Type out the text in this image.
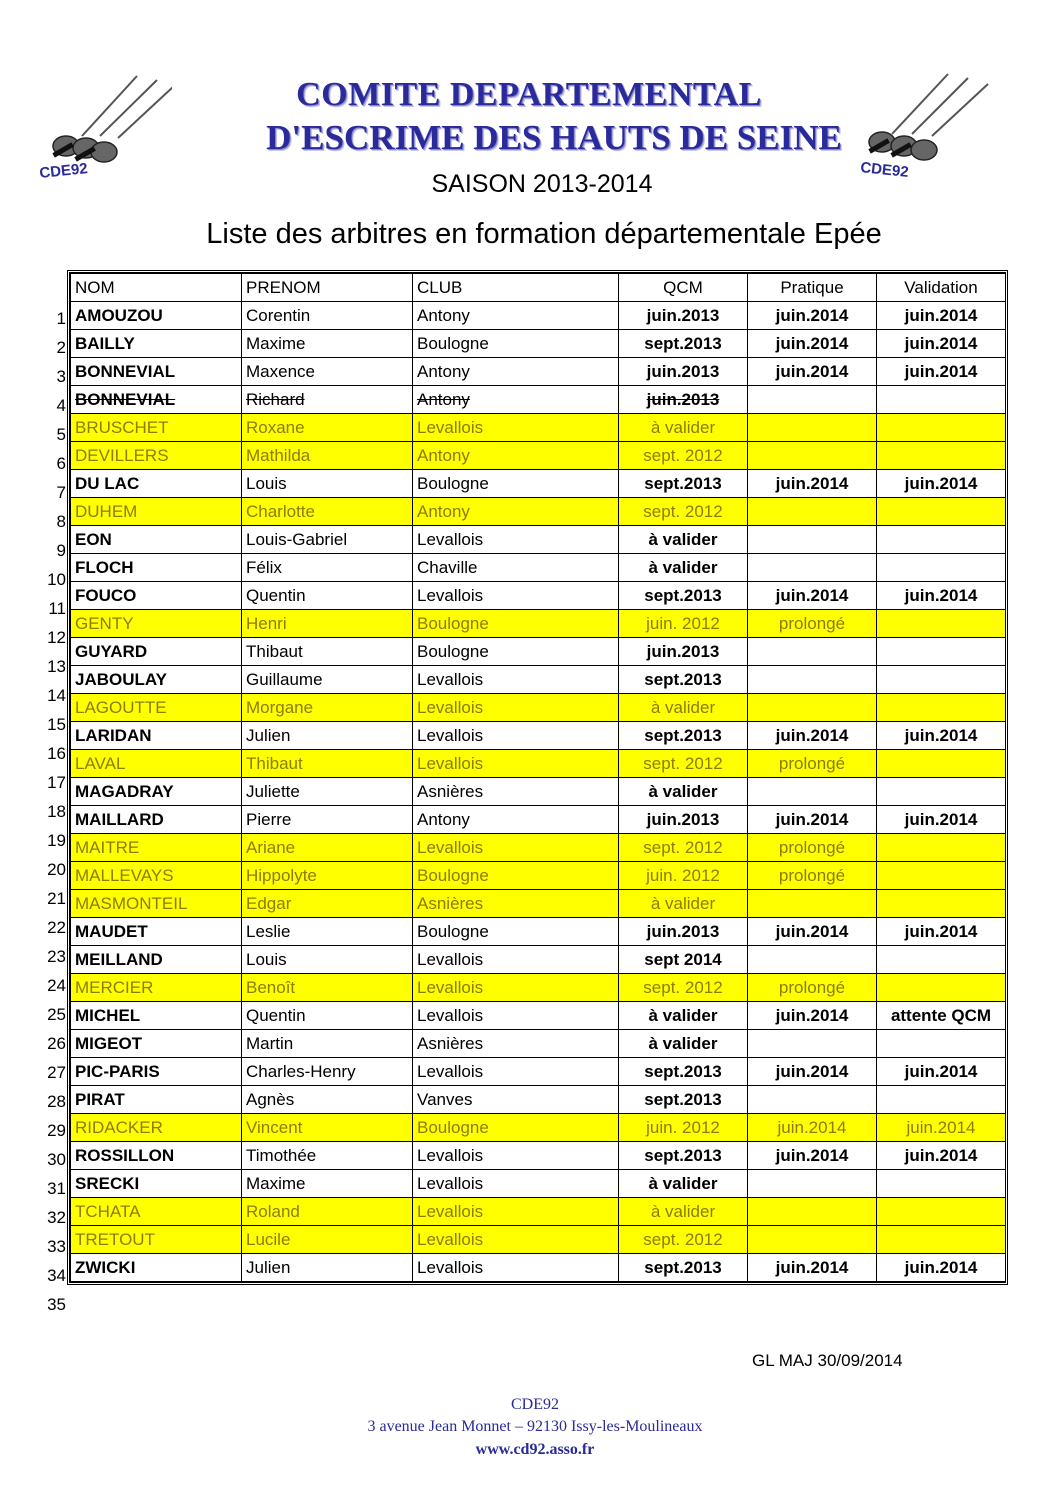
CDE92	CDE92
COMITE DEPARTEMENTAL
D'ESCRIME DES HAUTS DE SEINE
SAISON 2013-2014
Liste des arbitres en formation départementale Epée
1
2
3
4
5
6
7
8
9
10
11
12
13
14
15
16
17
18
19
20
21
22
23
24
25
26
27
28
29
30
31
32
33
34
35
NOM	PRENOM	CLUB	QCM	Pratique	Validation
AMOUZOU	Corentin	Antony	juin.2013	juin.2014	juin.2014
BAILLY	Maxime	Boulogne	sept.2013	juin.2014	juin.2014
BONNEVIAL	Maxence	Antony	juin.2013	juin.2014	juin.2014
BONNEVIAL	Richard	Antony	juin.2013		
BRUSCHET	Roxane	Levallois	à valider		
DEVILLERS	Mathilda	Antony	sept. 2012		
DU LAC	Louis	Boulogne	sept.2013	juin.2014	juin.2014
DUHEM	Charlotte	Antony	sept. 2012		
EON	Louis-Gabriel	Levallois	à valider		
FLOCH	Félix	Chaville	à valider		
FOUCO	Quentin	Levallois	sept.2013	juin.2014	juin.2014
GENTY	Henri	Boulogne	juin. 2012	prolongé	
GUYARD	Thibaut	Boulogne	juin.2013		
JABOULAY	Guillaume	Levallois	sept.2013		
LAGOUTTE	Morgane	Levallois	à valider		
LARIDAN	Julien	Levallois	sept.2013	juin.2014	juin.2014
LAVAL	Thibaut	Levallois	sept. 2012	prolongé	
MAGADRAY	Juliette	Asnières	à valider		
MAILLARD	Pierre	Antony	juin.2013	juin.2014	juin.2014
MAITRE	Ariane	Levallois	sept. 2012	prolongé	
MALLEVAYS	Hippolyte	Boulogne	juin. 2012	prolongé	
MASMONTEIL	Edgar	Asnières	à valider		
MAUDET	Leslie	Boulogne	juin.2013	juin.2014	juin.2014
MEILLAND	Louis	Levallois	sept 2014		
MERCIER	Benoît	Levallois	sept. 2012	prolongé	
MICHEL	Quentin	Levallois	à valider	juin.2014	attente QCM
MIGEOT	Martin	Asnières	à valider		
PIC-PARIS	Charles-Henry	Levallois	sept.2013	juin.2014	juin.2014
PIRAT	Agnès	Vanves	sept.2013		
RIDACKER	Vincent	Boulogne	juin. 2012	juin.2014	juin.2014
ROSSILLON	Timothée	Levallois	sept.2013	juin.2014	juin.2014
SRECKI	Maxime	Levallois	à valider		
TCHATA	Roland	Levallois	à valider		
TRETOUT	Lucile	Levallois	sept. 2012		
ZWICKI	Julien	Levallois	sept.2013	juin.2014	juin.2014
GL MAJ 30/09/2014
CDE92
3 avenue Jean Monnet – 92130 Issy-les-Moulineaux
www.cd92.asso.fr
